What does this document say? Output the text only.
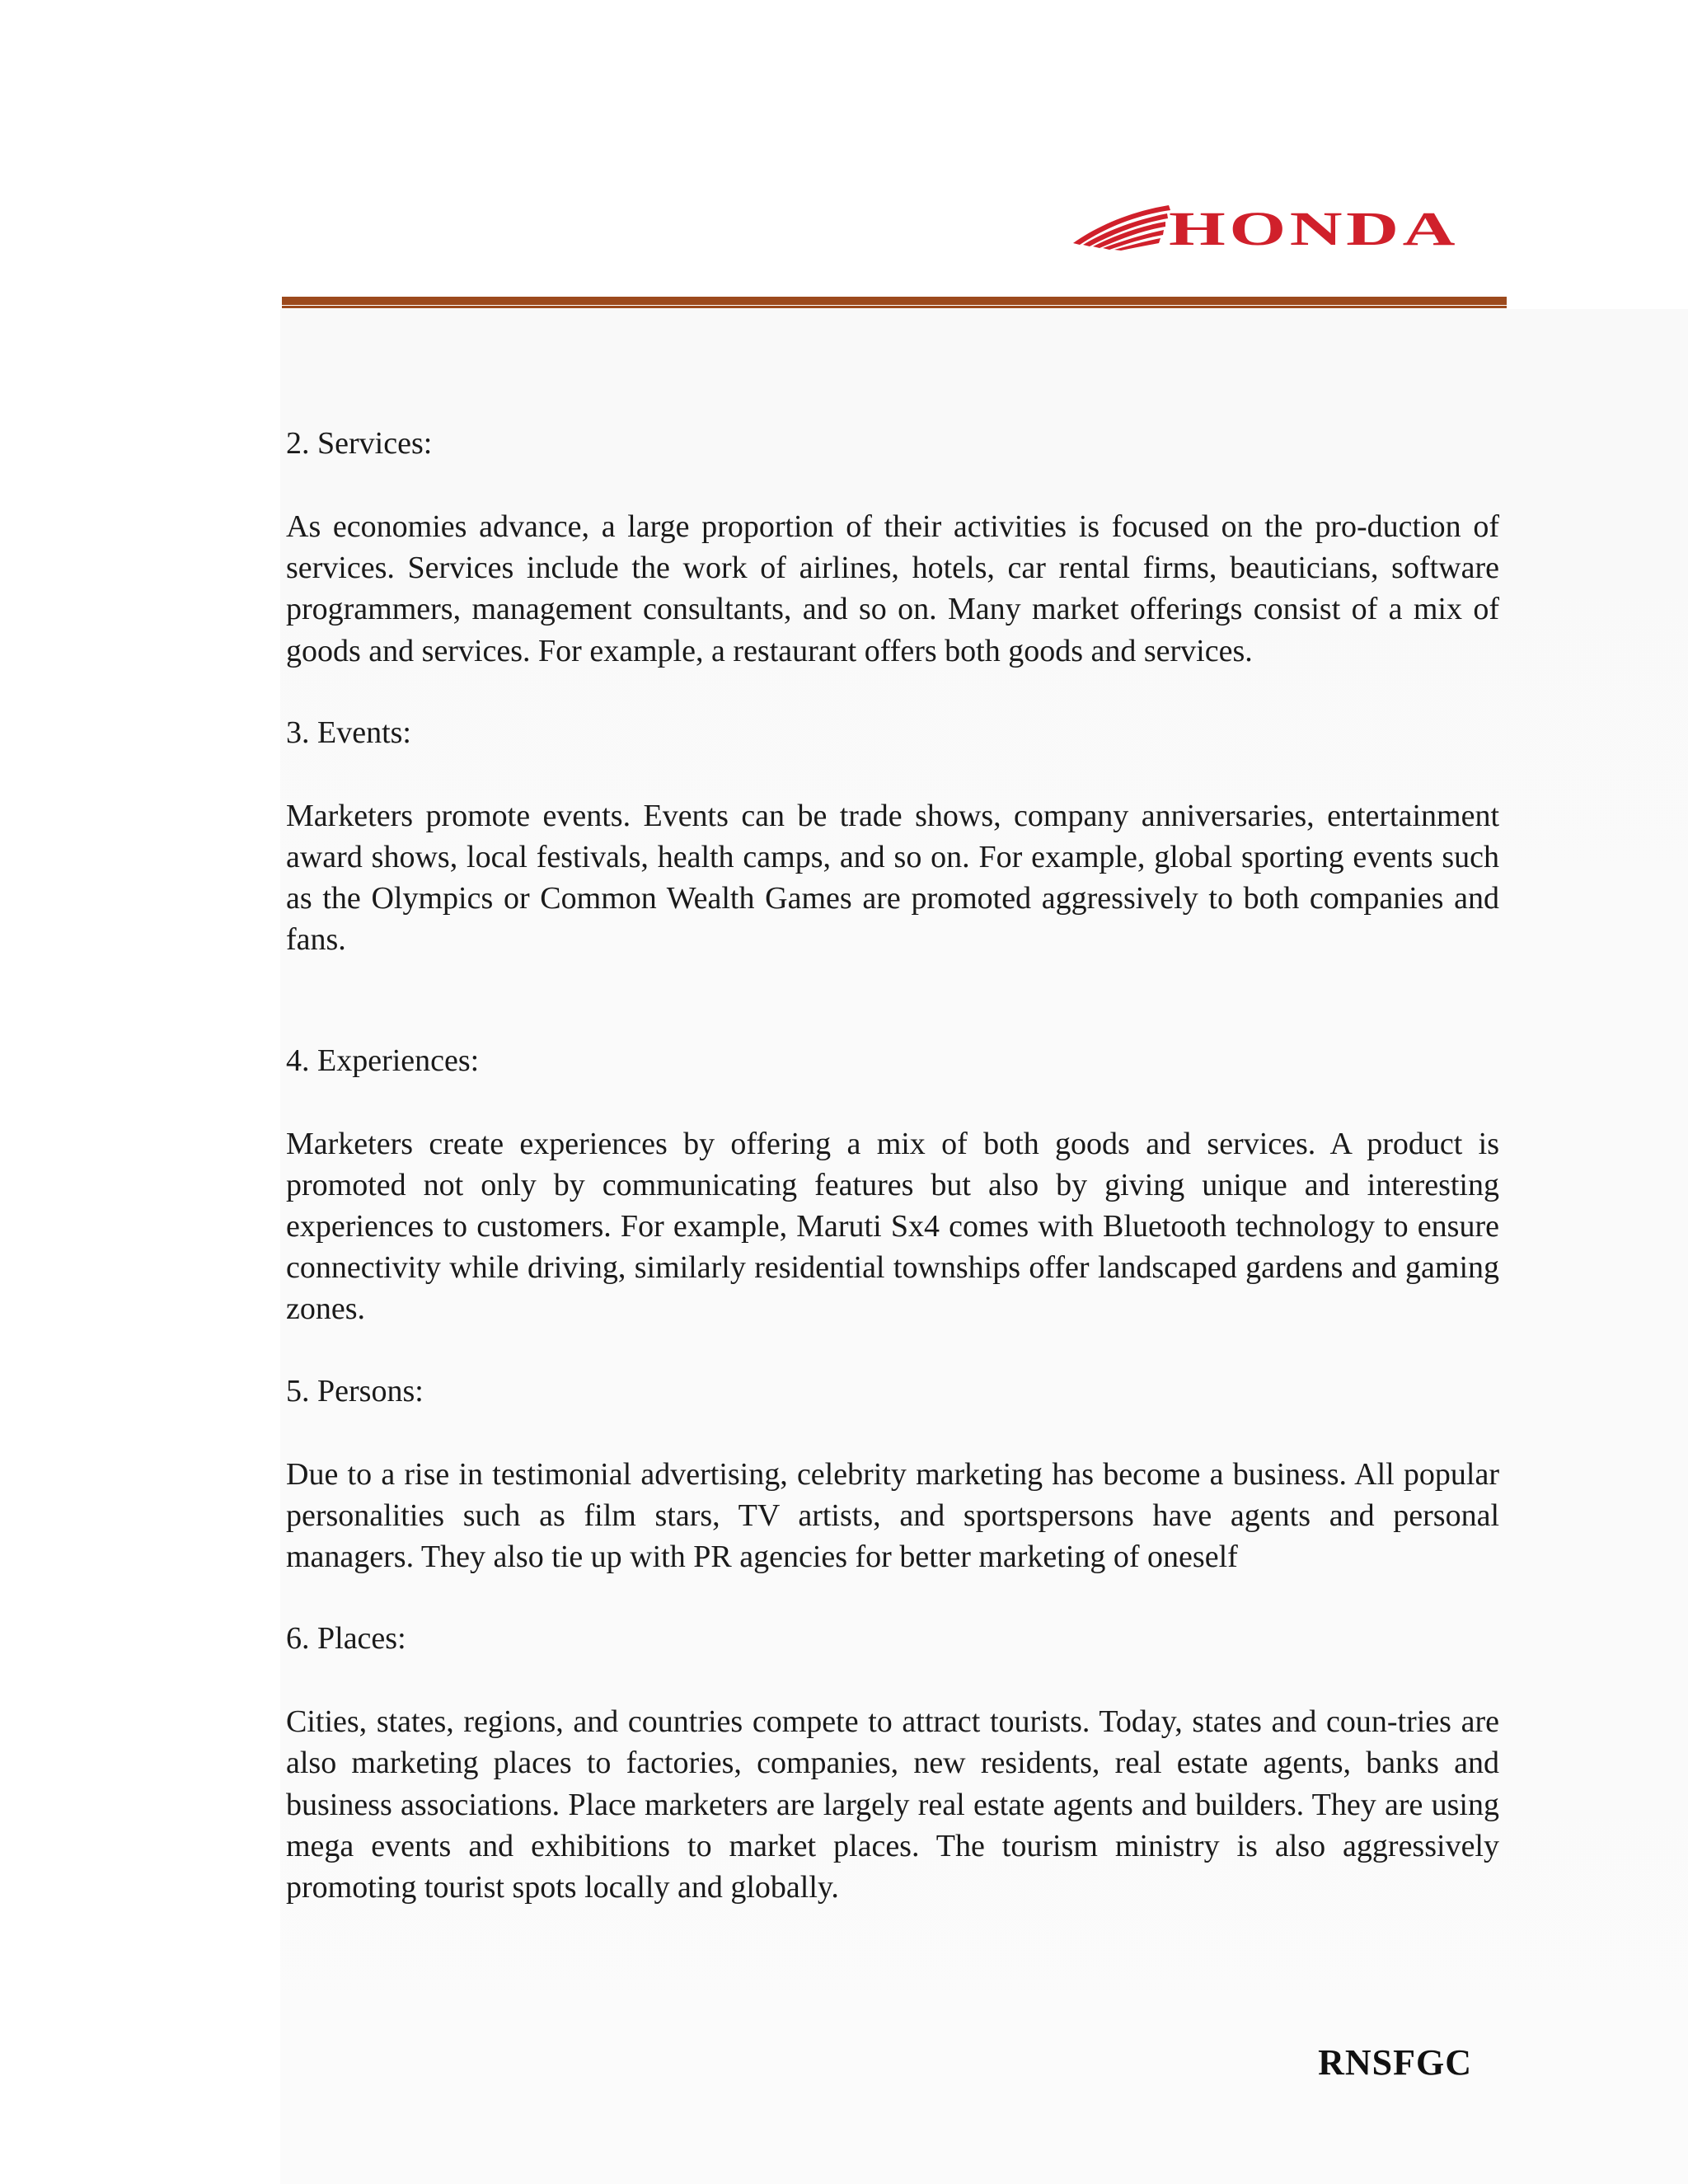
HONDA
2. Services:

As economies advance, a large proportion of their activities is focused on the pro-duction of services. Services include the work of airlines, hotels, car rental firms, beauticians, software programmers, management consultants, and so on. Many market offerings consist of a mix of goods and services. For example, a restaurant offers both goods and services.

3. Events:

Marketers promote events. Events can be trade shows, company anniversaries, entertainment award shows, local festivals, health camps, and so on. For example, global sporting events such as the Olympics or Common Wealth Games are promoted aggressively to both companies and fans.

4. Experiences:

Marketers create experiences by offering a mix of both goods and services. A product is promoted not only by communicating features but also by giving unique and interesting experiences to customers. For example, Maruti Sx4 comes with Bluetooth technology to ensure connectivity while driving, similarly residential townships offer landscaped gardens and gaming zones.

5. Persons:

Due to a rise in testimonial advertising, celebrity marketing has become a business. All popular personalities such as film stars, TV artists, and sportspersons have agents and personal managers. They also tie up with PR agencies for better marketing of oneself

6. Places:

Cities, states, regions, and countries compete to attract tourists. Today, states and coun-tries are also marketing places to factories, companies, new residents, real estate agents, banks and business associations. Place marketers are largely real estate agents and builders. They are using mega events and exhibitions to market places. The tourism ministry is also aggressively promoting tourist spots locally and globally.

RNSFGC
